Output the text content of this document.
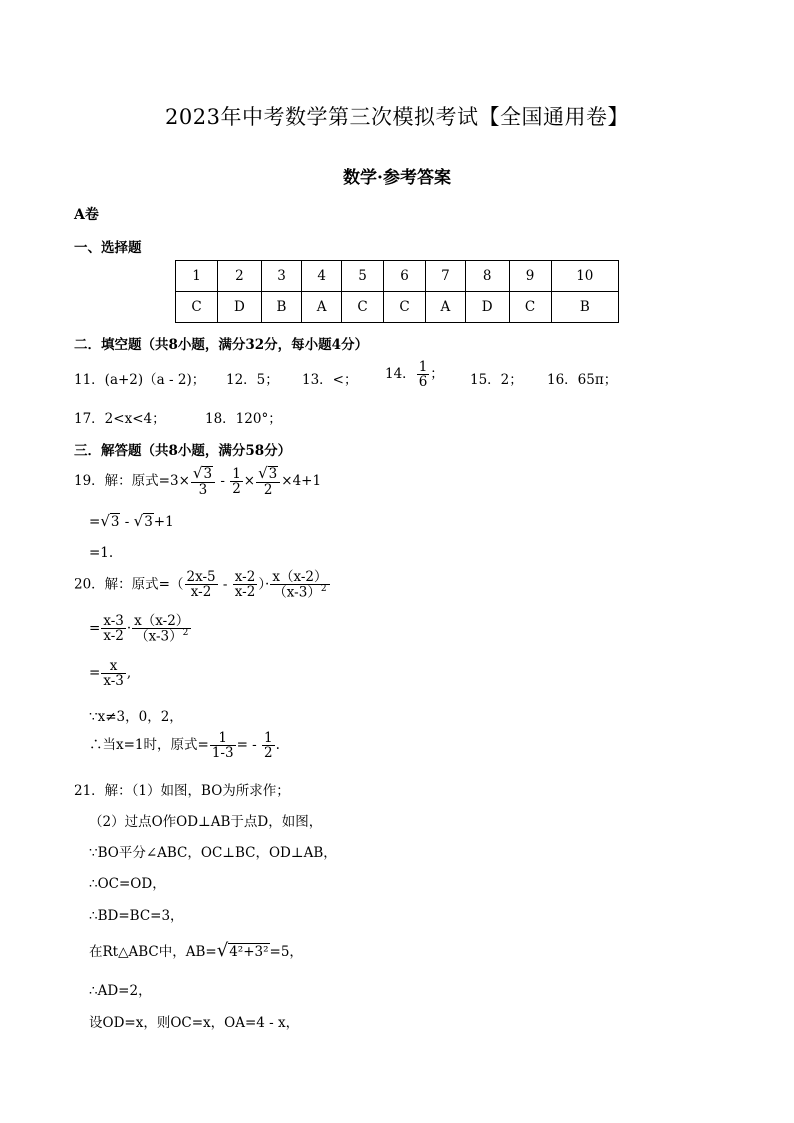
2023年中考数学第三次模拟考试【全国通用卷】
数学·参考答案
A卷
一、选择题
1	2	3	4	5	6	7	8	9	10
C	D	B	A	C	C	A	D	C	B
二．填空题（共8小题，满分32分，每小题4分）
11．(a+2)（a - 2)； 12．5； 13．<； 14． $\frac{1}{6}$ ； 15．2； 16．65π；
17．2<x<4；	18．120°；
三．解答题（共8小题，满分58分）
19．解：原式$=3\times \frac{√3}{3} - \frac{1}{2} \times \frac{√3}{2} \times 4+1$
=√3 - √3+1
=1.
20．解：原式=（ $\frac{2x-5}{x-2} - \frac{x-2}{x-2}$ ）· $\frac{x(x-2)}{(x-3)^2}$
= $\frac{x-3}{x-2} \cdot \frac{x(x-2)}{(x-3)^2}$
= $\frac{x}{x-3}$ ,
∵x≠3，0，2，
∴当x=1时，原式= $\frac{1}{1-3}$ = - $\frac{1}{2}$ .
21．解：（1）如图，BO为所求作；
（2）过点O作OD⊥AB于点D，如图，
∵BO平分∠ABC，OC⊥BC，OD⊥AB，
∴OC=OD，
∴BD=BC=3，
在Rt△ABC中，AB=√4²+3²=5，
∴AD=2，
设OD=x，则OC=x，OA=4 - x，
